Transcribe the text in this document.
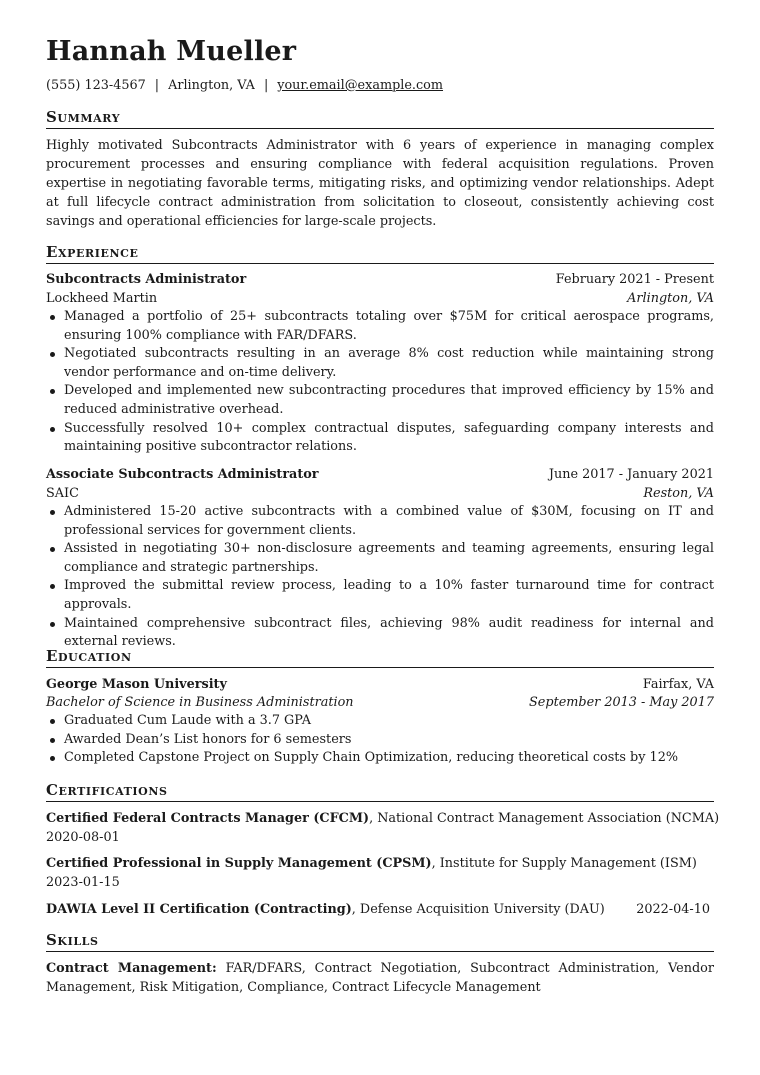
Hannah Mueller
(555) 123-4567 | Arlington, VA | your.email@example.com
Summary
Highly motivated Subcontracts Administrator with 6 years of experience in managing complex procurement processes and ensuring compliance with federal acquisition regulations. Proven expertise in negotiating favorable terms, mitigating risks, and optimizing vendor relationships. Adept at full lifecycle contract administration from solicitation to closeout, consistently achieving cost savings and operational efficiencies for large-scale projects.
Experience
Subcontracts Administrator	February 2021 - Present
Lockheed Martin	Arlington, VA
Managed a portfolio of 25+ subcontracts totaling over $75M for critical aerospace programs, ensuring 100% compliance with FAR/DFARS.
Negotiated subcontracts resulting in an average 8% cost reduction while maintaining strong vendor performance and on-time delivery.
Developed and implemented new subcontracting procedures that improved efficiency by 15% and reduced administrative overhead.
Successfully resolved 10+ complex contractual disputes, safeguarding company interests and maintaining positive subcontractor relations.
Associate Subcontracts Administrator	June 2017 - January 2021
SAIC	Reston, VA
Administered 15-20 active subcontracts with a combined value of $30M, focusing on IT and professional services for government clients.
Assisted in negotiating 30+ non-disclosure agreements and teaming agreements, ensuring legal compliance and strategic partnerships.
Improved the submittal review process, leading to a 10% faster turnaround time for contract approvals.
Maintained comprehensive subcontract files, achieving 98% audit readiness for internal and external reviews.
Education
George Mason University	Fairfax, VA
Bachelor of Science in Business Administration	September 2013 - May 2017
Graduated Cum Laude with a 3.7 GPA
Awarded Dean’s List honors for 6 semesters
Completed Capstone Project on Supply Chain Optimization, reducing theoretical costs by 12%
Certifications
Certified Federal Contracts Manager (CFCM), National Contract Management Association (NCMA)
2020-08-01
Certified Professional in Supply Management (CPSM), Institute for Supply Management (ISM)
2023-01-15
DAWIA Level II Certification (Contracting), Defense Acquisition University (DAU) 2022-04-10
Skills
Contract Management: FAR/DFARS, Contract Negotiation, Subcontract Administration, Vendor Management, Risk Mitigation, Compliance, Contract Lifecycle Management
